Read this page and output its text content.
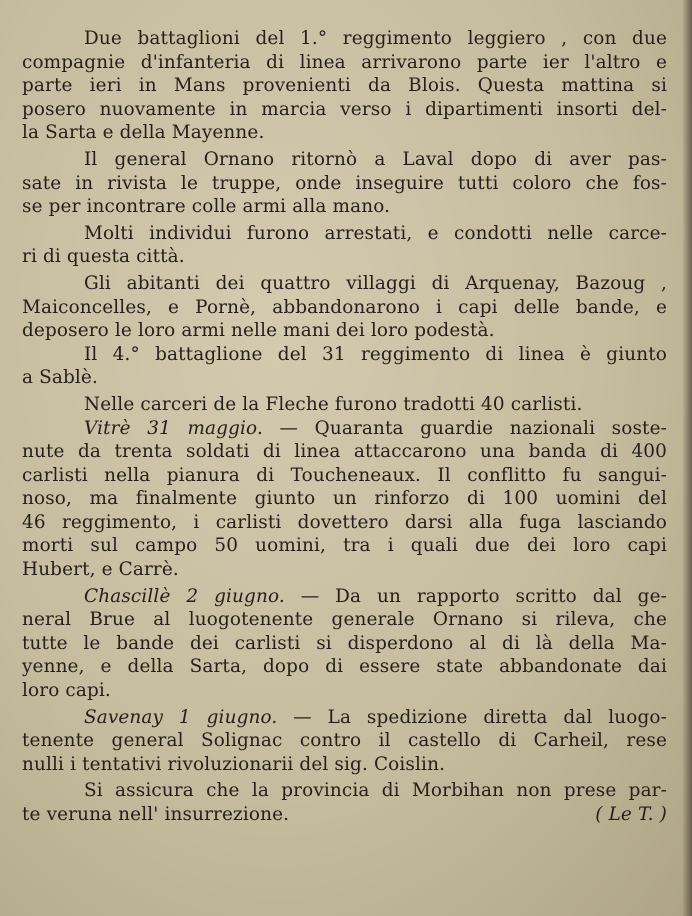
Due battaglioni del 1.° reggimento leggiero , con due
compagnie d'infanteria di linea arrivarono parte ier l'altro e
parte ieri in Mans provenienti da Blois. Questa mattina si
posero nuovamente in marcia verso i dipartimenti insorti del-
la Sarta e della Mayenne.

Il general Ornano ritornò a Laval dopo di aver pas-
sate in rivista le truppe, onde inseguire tutti coloro che fos-
se per incontrare colle armi alla mano.

Molti individui furono arrestati, e condotti nelle carce-
ri di questa città.

Gli abitanti dei quattro villaggi di Arquenay, Bazoug ,
Maiconcelles, e Pornè, abbandonarono i capi delle bande, e
deposero le loro armi nelle mani dei loro podestà.

Il 4.° battaglione del 31 reggimento di linea è giunto
a Sablè.

Nelle carceri de la Fleche furono tradotti 40 carlisti.

Vitrè 31 maggio. — Quaranta guardie nazionali soste-
nute da trenta soldati di linea attaccarono una banda di 400
carlisti nella pianura di Toucheneaux. Il conflitto fu sangui-
noso, ma finalmente giunto un rinforzo di 100 uomini del
46 reggimento, i carlisti dovettero darsi alla fuga lasciando
morti sul campo 50 uomini, tra i quali due dei loro capi
Hubert, e Carrè.

Chascillè 2 giugno. — Da un rapporto scritto dal ge-
neral Brue al luogotenente generale Ornano si rileva, che
tutte le bande dei carlisti si disperdono al di là della Ma-
yenne, e della Sarta, dopo di essere state abbandonate dai
loro capi.

Savenay 1 giugno. — La spedizione diretta dal luogo-
tenente general Solignac contro il castello di Carheil, rese
nulli i tentativi rivoluzionarii del sig. Coislin.

Si assicura che la provincia di Morbihan non prese par-
te veruna nell' insurrezione.	( Le T. )
